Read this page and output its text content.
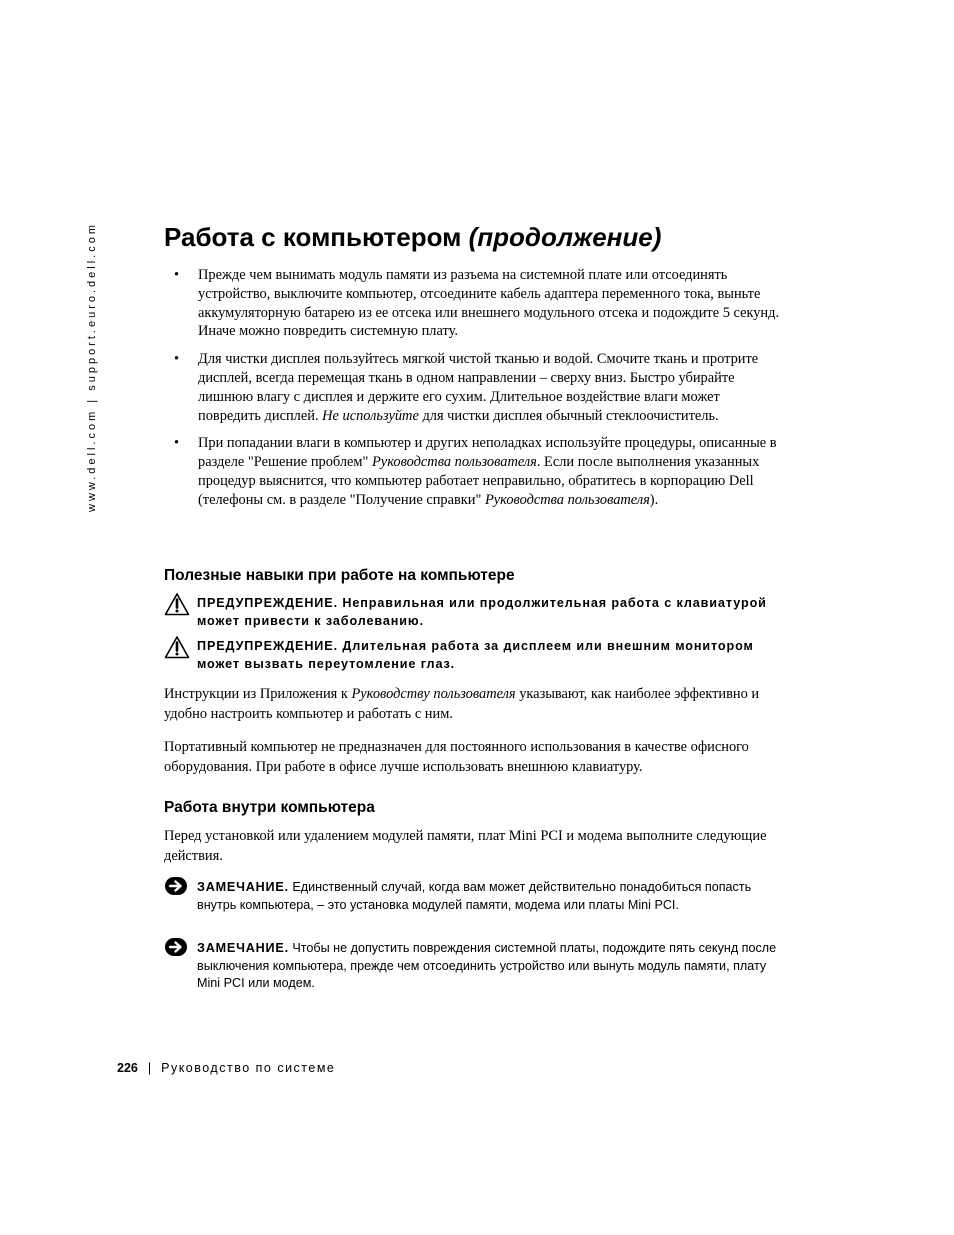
www.dell.com | support.euro.dell.com	Работа с компьютером (продолжение)
• Прежде чем вынимать модуль памяти из разъема на системной плате или отсоединять устройство, выключите компьютер, отсоедините кабель адаптера переменного тока, выньте аккумуляторную батарею из ее отсека или внешнего модульного отсека и подождите 5 секунд. Иначе можно повредить системную плату.
• Для чистки дисплея пользуйтесь мягкой чистой тканью и водой. Смочите ткань и протрите дисплей, всегда перемещая ткань в одном направлении – сверху вниз. Быстро убирайте лишнюю влагу с дисплея и держите его сухим. Длительное воздействие влаги может повредить дисплей. Не используйте для чистки дисплея обычный стеклоочиститель.
• При попадании влаги в компьютер и других неполадках используйте процедуры, описанные в разделе "Решение проблем" Руководства пользователя. Если после выполнения указанных процедур выяснится, что компьютер работает неправильно, обратитесь в корпорацию Dell (телефоны см. в разделе "Получение справки" Руководства пользователя).
Полезные навыки при работе на компьютере
ПРЕДУПРЕЖДЕНИЕ. Неправильная или продолжительная работа с клавиатурой может привести к заболеванию.
ПРЕДУПРЕЖДЕНИЕ. Длительная работа за дисплеем или внешним монитором может вызвать переутомление глаз.

Инструкции из Приложения к Руководству пользователя указывают, как наиболее эффективно и удобно настроить компьютер и работать с ним.

Портативный компьютер не предназначен для постоянного использования в качестве офисного оборудования. При работе в офисе лучше использовать внешнюю клавиатуру.

Работа внутри компьютера

Перед установкой или удалением модулей памяти, плат Mini PCI и модема выполните следующие действия.

ЗАМЕЧАНИЕ. Единственный случай, когда вам может действительно понадобиться попасть внутрь компьютера, – это установка модулей памяти, модема или платы Mini PCI.
ЗАМЕЧАНИЕ. Чтобы не допустить повреждения системной платы, подождите пять секунд после выключения компьютера, прежде чем отсоединить устройство или вынуть модуль памяти, плату Mini PCI или модем.
226 | Руководство по системе
